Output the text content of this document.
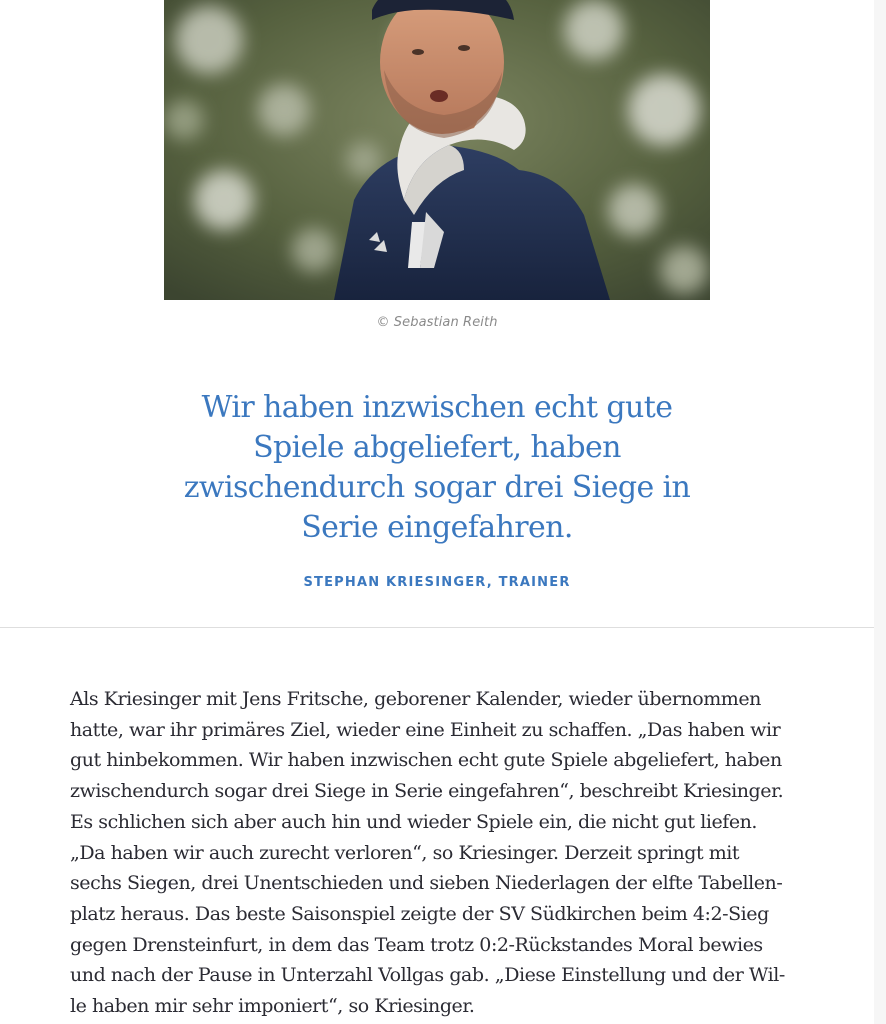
© Sebastian Reith
Wir haben inzwischen echt gute
Spiele abgeliefert, haben
zwischendurch sogar drei Siege in
Serie eingefahren.
STEPHAN KRIESINGER, TRAINER

Als Kriesinger mit Jens Fritsche, geborener Kalender, wieder übernommen
hatte, war ihr primäres Ziel, wieder eine Einheit zu schaffen. „Das haben wir
gut hinbekommen. Wir haben inzwischen echt gute Spiele abgeliefert, haben
zwischendurch sogar drei Siege in Serie eingefahren“, beschreibt Kriesinger.
Es schlichen sich aber auch hin und wieder Spiele ein, die nicht gut liefen.
„Da haben wir auch zurecht verloren“, so Kriesinger. Derzeit springt mit
sechs Siegen, drei Unentschieden und sieben Niederlagen der elfte Tabellen-
platz heraus. Das beste Saisonspiel zeigte der SV Südkirchen beim 4:2-Sieg
gegen Drensteinfurt, in dem das Team trotz 0:2-Rückstandes Moral bewies
und nach der Pause in Unterzahl Vollgas gab. „Diese Einstellung und der Wil-
le haben mir sehr imponiert“, so Kriesinger.
